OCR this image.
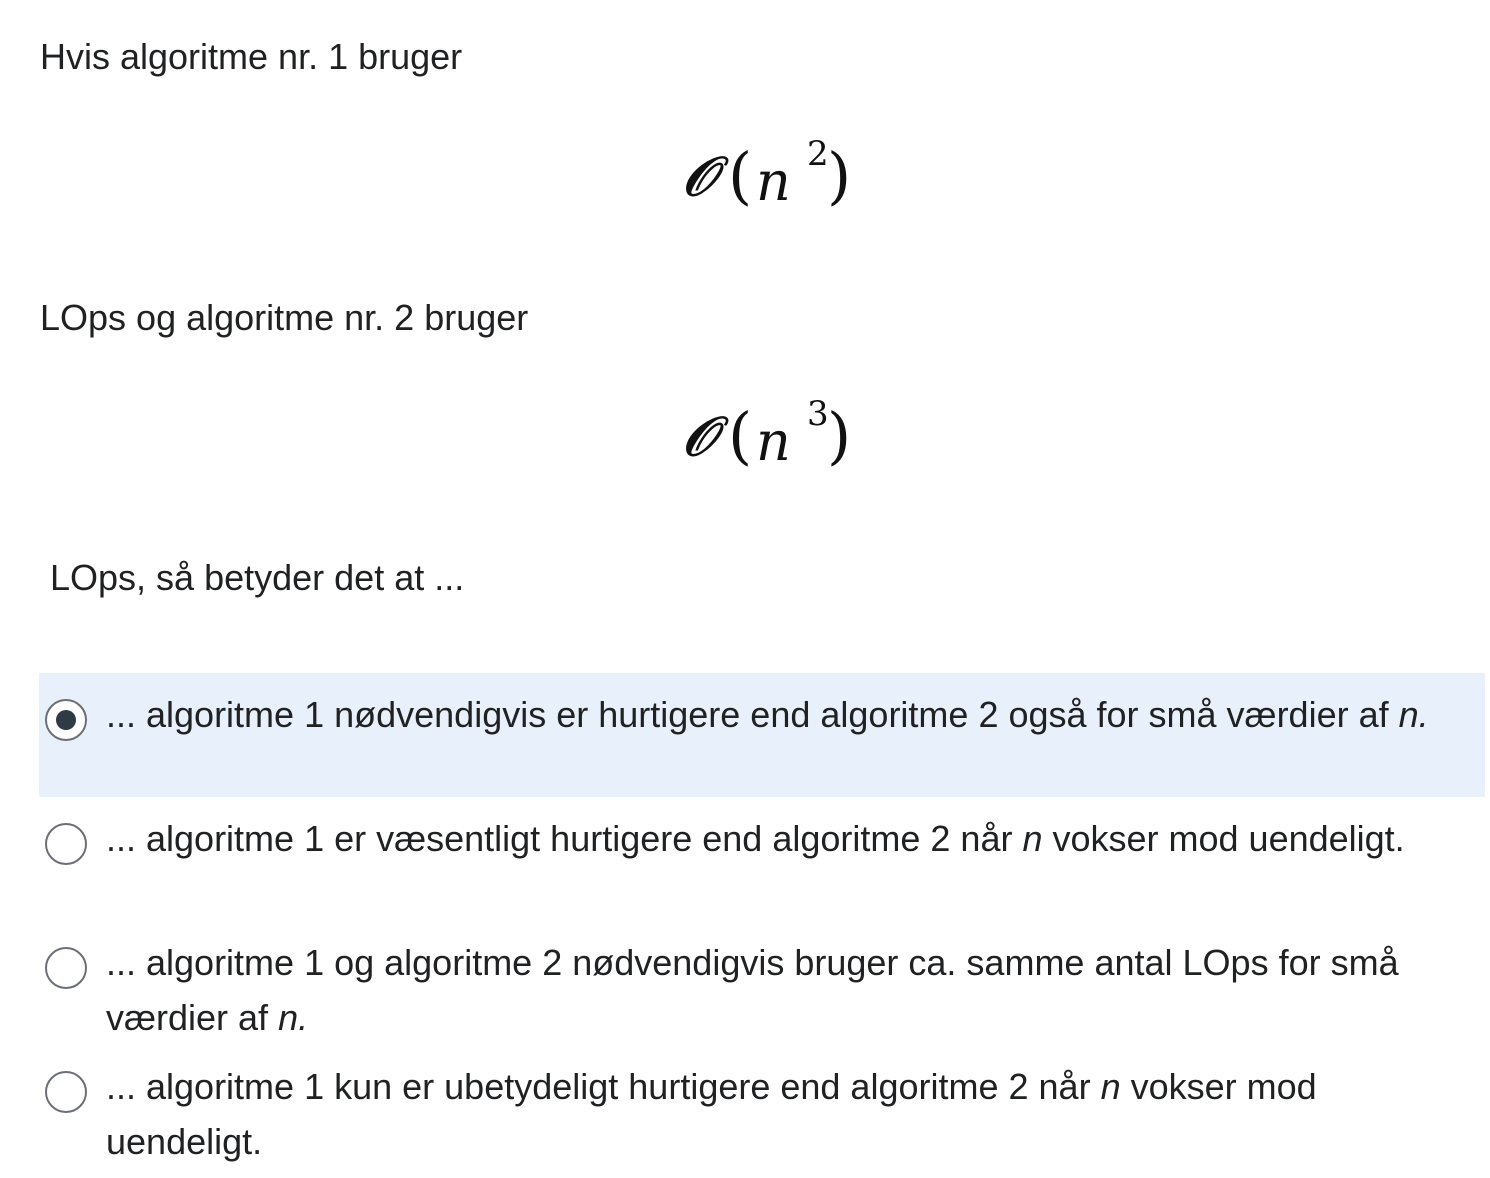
Hvis algoritme nr. 1 bruger
𝒪 ( n 2
)
LOps og algoritme nr. 2 bruger
𝒪 ( n 3
)
LOps, så betyder det at ...
... algoritme 1 nødvendigvis er hurtigere end algoritme 2 også for små værdier af n.
... algoritme 1 er væsentligt hurtigere end algoritme 2 når n vokser mod uendeligt.
... algoritme 1 og algoritme 2 nødvendigvis bruger ca. samme antal LOps for små værdier af n.
... algoritme 1 kun er ubetydeligt hurtigere end algoritme 2 når n vokser mod uendeligt.
